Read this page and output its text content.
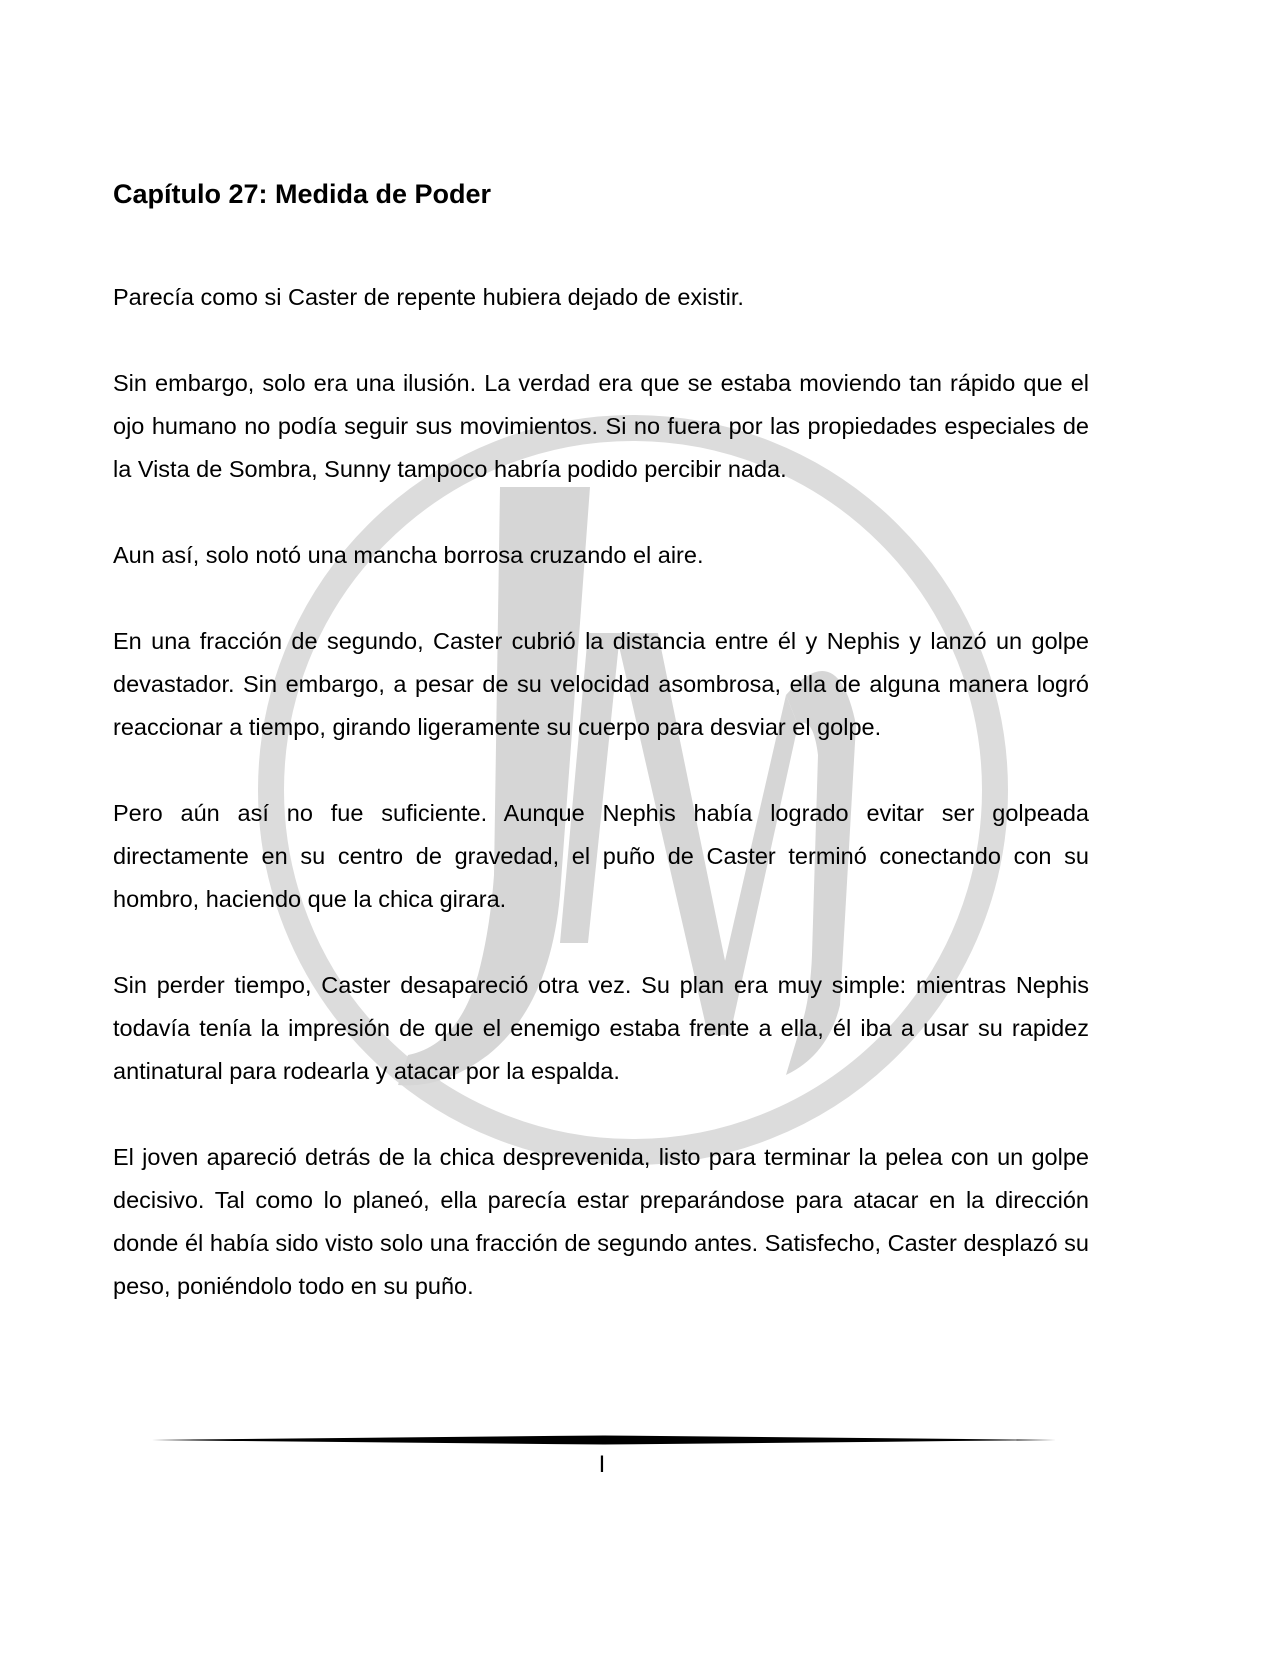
Capítulo 27: Medida de Poder

Parecía como si Caster de repente hubiera dejado de existir.

Sin embargo, solo era una ilusión. La verdad era que se estaba moviendo tan rápido que el ojo humano no podía seguir sus movimientos. Si no fuera por las propiedades especiales de la Vista de Sombra, Sunny tampoco habría podido percibir nada.

Aun así, solo notó una mancha borrosa cruzando el aire.

En una fracción de segundo, Caster cubrió la distancia entre él y Nephis y lanzó un golpe devastador. Sin embargo, a pesar de su velocidad asombrosa, ella de alguna manera logró reaccionar a tiempo, girando ligeramente su cuerpo para desviar el golpe.

Pero aún así no fue suficiente. Aunque Nephis había logrado evitar ser golpeada directamente en su centro de gravedad, el puño de Caster terminó conectando con su hombro, haciendo que la chica girara.

Sin perder tiempo, Caster desapareció otra vez. Su plan era muy simple: mientras Nephis todavía tenía la impresión de que el enemigo estaba frente a ella, él iba a usar su rapidez antinatural para rodearla y atacar por la espalda.

El joven apareció detrás de la chica desprevenida, listo para terminar la pelea con un golpe decisivo. Tal como lo planeó, ella parecía estar preparándose para atacar en la dirección donde él había sido visto solo una fracción de segundo antes. Satisfecho, Caster desplazó su peso, poniéndolo todo en su puño.

I
